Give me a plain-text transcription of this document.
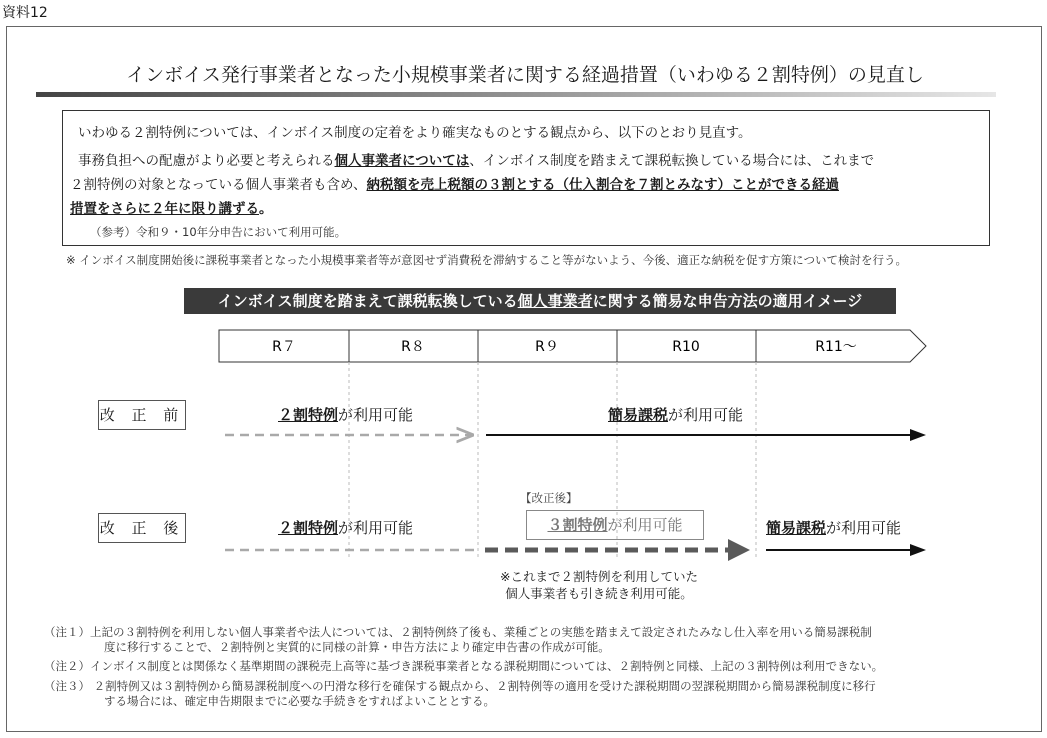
資料12
インボイス発行事業者となった小規模事業者に関する経過措置（いわゆる２割特例）の見直し
いわゆる２割特例については、インボイス制度の定着をより確実なものとする観点から、以下のとおり見直す。
事務負担への配慮がより必要と考えられる個人事業者については、インボイス制度を踏まえて課税転換している場合には、これまで
２割特例の対象となっている個人事業者も含め、納税額を売上税額の３割とする（仕入割合を７割とみなす）ことができる経過
措置をさらに２年に限り講ずる。
（参考）令和９・10年分申告において利用可能。
※ インボイス制度開始後に課税事業者となった小規模事業者等が意図せず消費税を滞納すること等がないよう、今後、適正な納税を促す方策について検討を行う。
インボイス制度を踏まえて課税転換している個人事業者に関する簡易な申告方法の適用イメージ
R７	R８	R９	R10	R11～
改 正 前	２割特例が利用可能	簡易課税が利用可能
改 正 後	２割特例が利用可能
【改正後】
３割特例が利用可能	簡易課税が利用可能
※これまで２割特例を利用していた
個人事業者も引き続き利用可能。
（注１）上記の３割特例を利用しない個人事業者や法人については、２割特例終了後も、業種ごとの実態を踏まえて設定されたみなし仕入率を用いる簡易課税制
度に移行することで、２割特例と実質的に同様の計算・申告方法により確定申告書の作成が可能。
（注２）インボイス制度とは関係なく基準期間の課税売上高等に基づき課税事業者となる課税期間については、２割特例と同様、上記の３割特例は利用できない。
（注３） ２割特例又は３割特例から簡易課税制度への円滑な移行を確保する観点から、２割特例等の適用を受けた課税期間の翌課税期間から簡易課税制度に移行
する場合には、確定申告期限までに必要な手続きをすればよいこととする。
